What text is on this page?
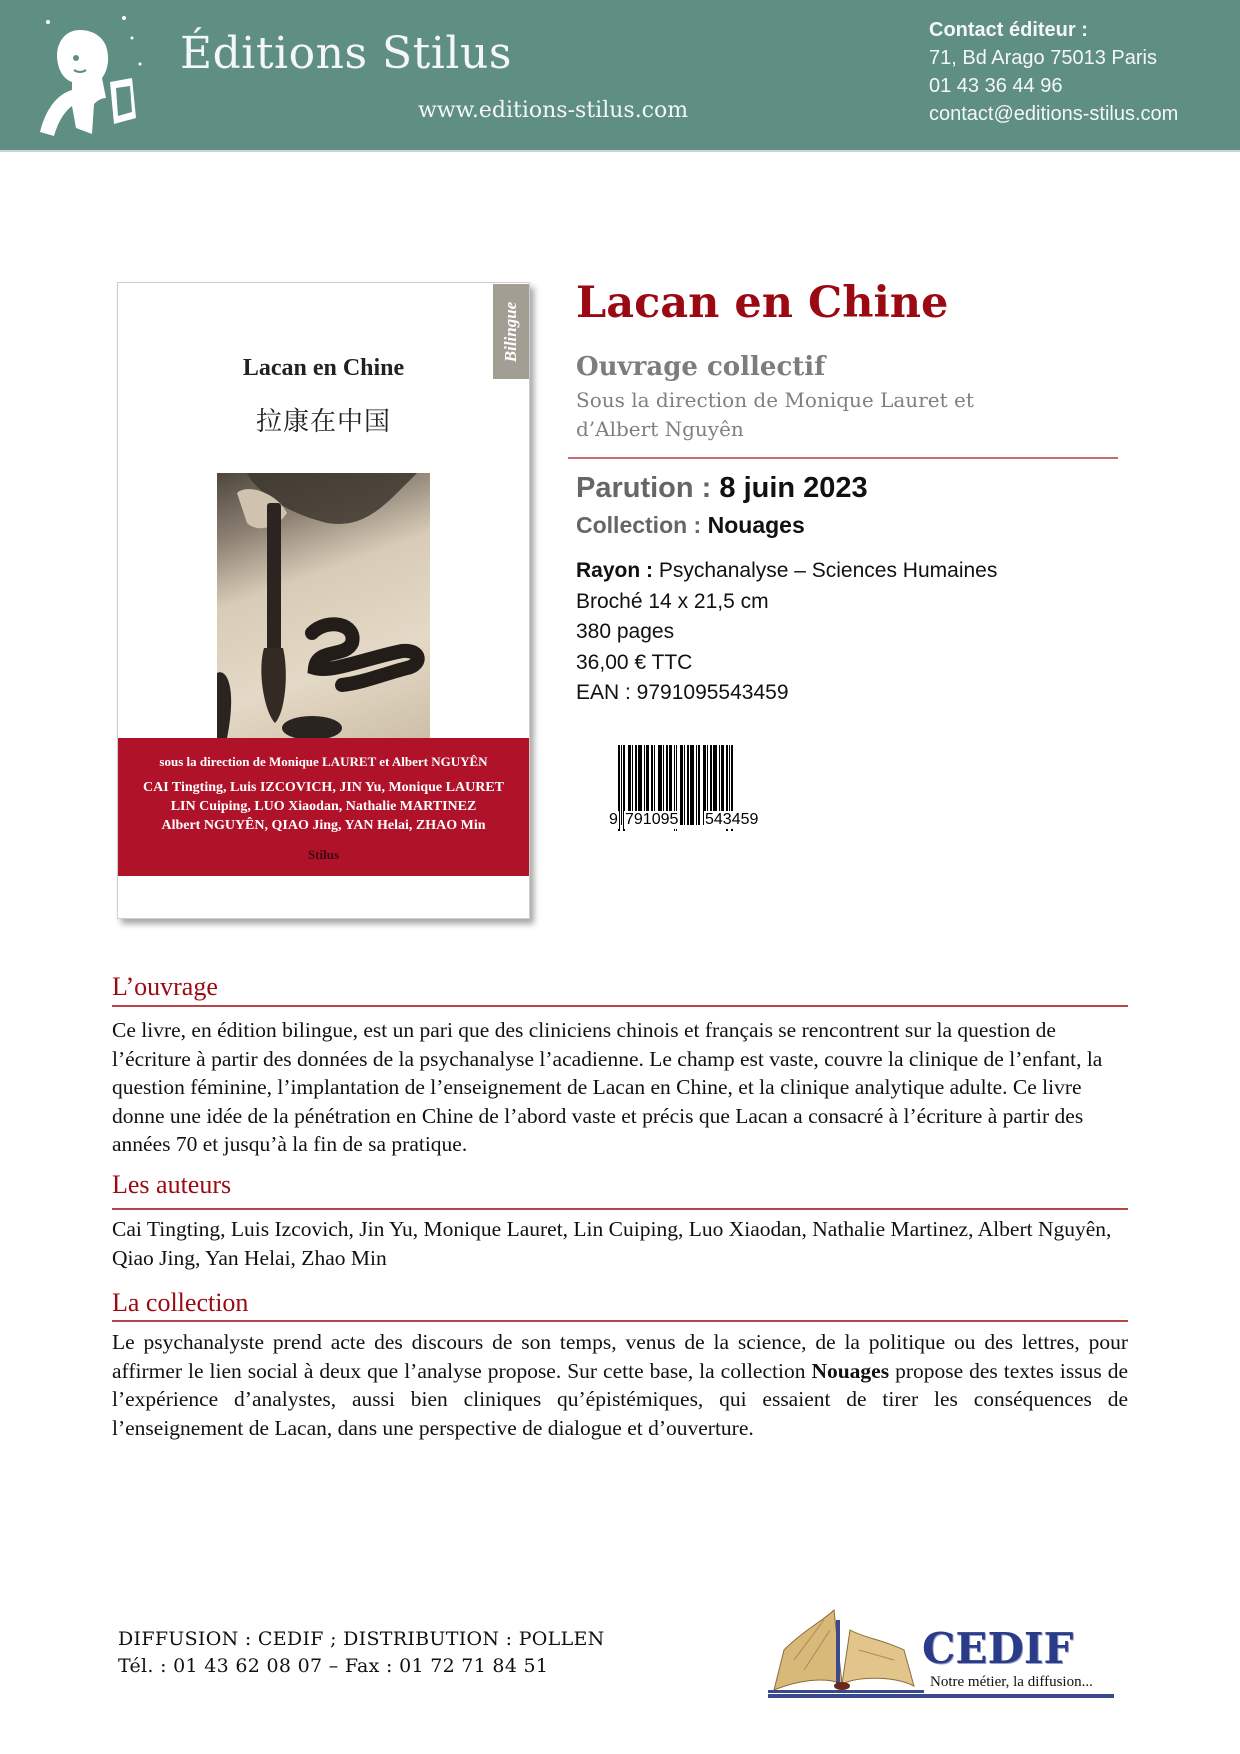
Éditions Stilus
www.editions-stilus.com
Contact éditeur :
71, Bd Arago 75013 Paris
01 43 36 44 96
contact@editions-stilus.com
Bilingue
Lacan en Chine
拉康在中国
sous la direction de Monique LAURET et Albert NGUYÊN
CAI Tingting, Luis IZCOVICH, JIN Yu, Monique LAURET
LIN Cuiping, LUO Xiaodan, Nathalie MARTINEZ
Albert NGUYÊN, QIAO Jing, YAN Helai, ZHAO Min
Stilus
Lacan en Chine
Ouvrage collectif
Sous la direction de Monique Lauret et d’Albert Nguyên
Parution : 8 juin 2023
Collection : Nouages
Rayon : Psychanalyse – Sciences Humaines
Broché 14 x 21,5 cm
380 pages
36,00 € TTC
EAN : 9791095543459
9 791095 543459
L’ouvrage
Ce livre, en édition bilingue, est un pari que des cliniciens chinois et français se rencontrent sur la question de l’écriture à partir des données de la psychanalyse l’acadienne. Le champ est vaste, couvre la clinique de l’enfant, la question féminine, l’implantation de l’enseignement de Lacan en Chine, et la clinique analytique adulte. Ce livre donne une idée de la pénétration en Chine de l’abord vaste et précis que Lacan a consacré à l’écriture à partir des années 70 et jusqu’à la fin de sa pratique.
Les auteurs
Cai Tingting, Luis Izcovich, Jin Yu, Monique Lauret, Lin Cuiping, Luo Xiaodan, Nathalie Martinez, Albert Nguyên, Qiao Jing, Yan Helai, Zhao Min
La collection
Le psychanalyste prend acte des discours de son temps, venus de la science, de la politique ou des lettres, pour affirmer le lien social à deux que l’analyse propose. Sur cette base, la collection Nouages propose des textes issus de l’expérience d’analystes, aussi bien cliniques qu’épistémiques, qui essaient de tirer les conséquences de l’enseignement de Lacan, dans une perspective de dialogue et d’ouverture.
DIFFUSION : CEDIF ; DISTRIBUTION : POLLEN
Tél. : 01 43 62 08 07 – Fax : 01 72 71 84 51	CEDIF
Notre métier, la diffusion...
